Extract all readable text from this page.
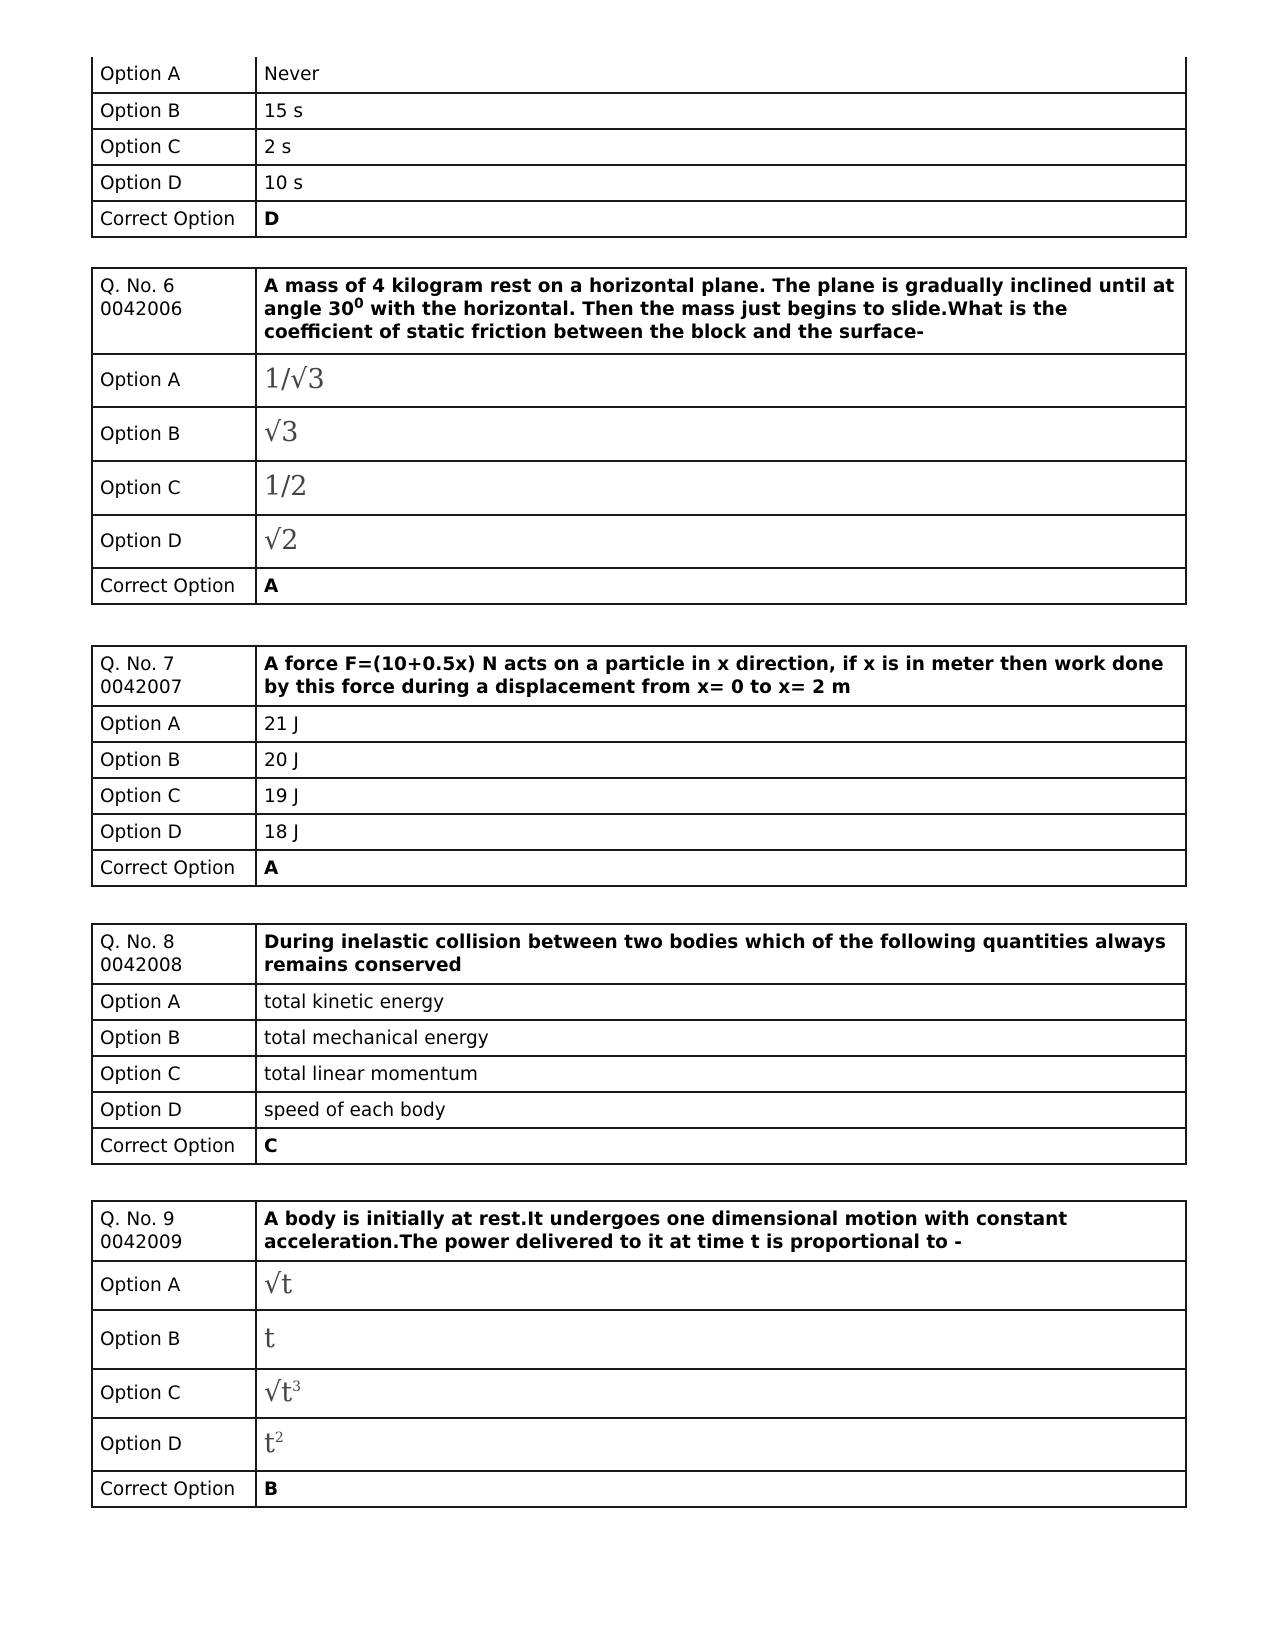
Option A	Never
Option B	15 s
Option C	2 s
Option D	10 s
Correct Option	D
Q. No. 6
0042006	A mass of 4 kilogram rest on a horizontal plane. The plane is gradually inclined until at angle $30^0$ with the horizontal. Then the mass just begins to slide.What is the coefficient of static friction between the block and the surface-
Option A	1/√3
Option B	√3
Option C	1/2
Option D	√2
Correct Option	A
Q. No. 7
0042007	A force F=(10+0.5x) N acts on a particle in x direction, if x is in meter then work done by this force during a displacement from x= 0 to x= 2 m
Option A	21 J
Option B	20 J
Option C	19 J
Option D	18 J
Correct Option	A
Q. No. 8
0042008	During inelastic collision between two bodies which of the following quantities always remains conserved
Option A	total kinetic energy
Option B	total mechanical energy
Option C	total linear momentum
Option D	speed of each body
Correct Option	C
Q. No. 9
0042009	A body is initially at rest.It undergoes one dimensional motion with constant acceleration.The power delivered to it at time t is proportional to -
Option A	√t
Option B	t
Option C	$√t^3$
Option D	$t^2$
Correct Option	B
